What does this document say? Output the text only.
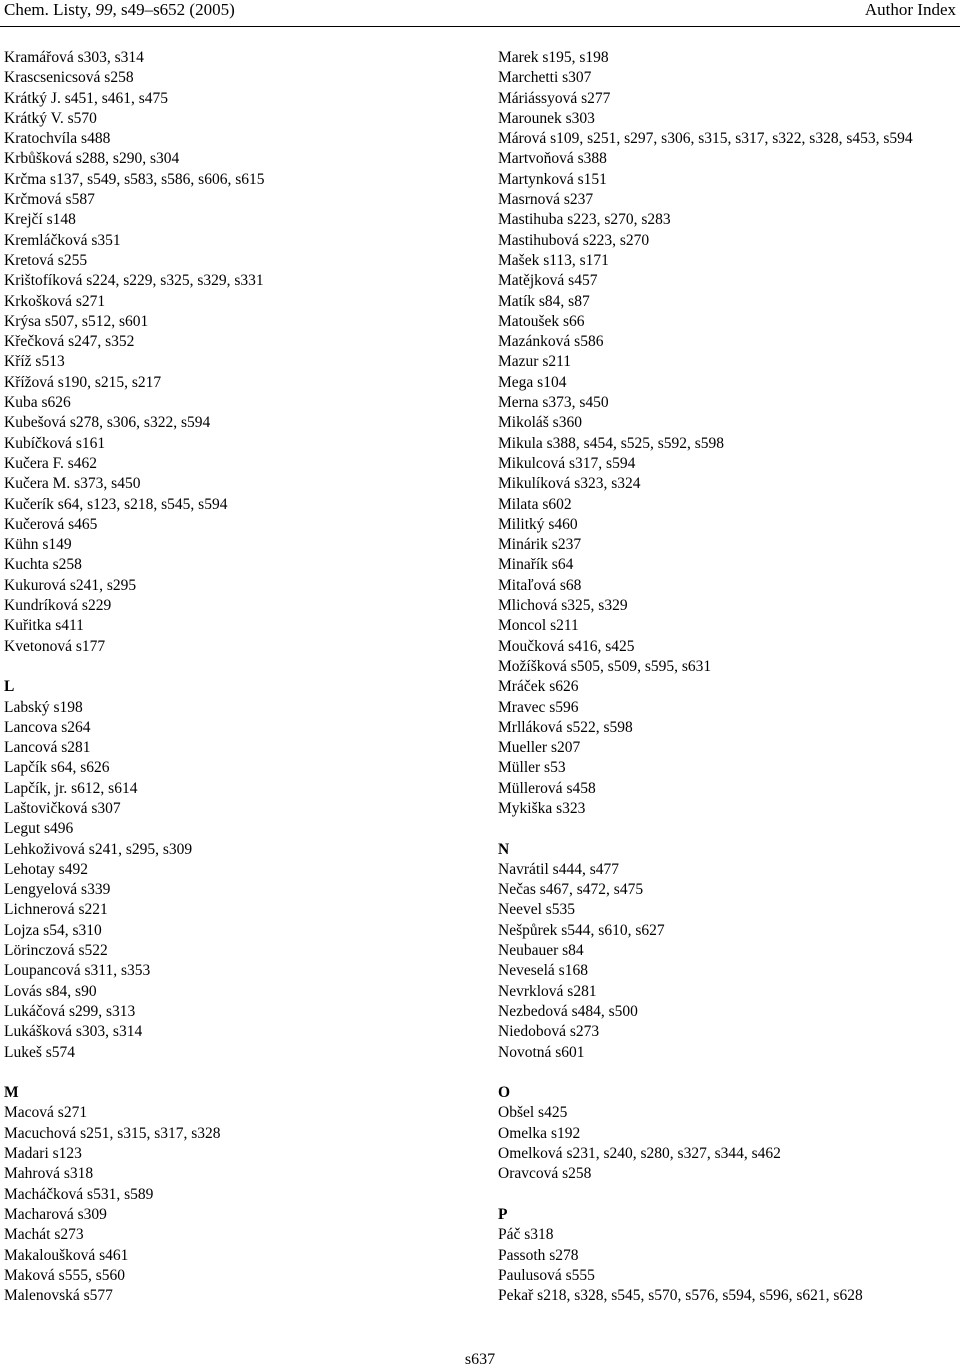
Chem. Listy, 99, s49–s652 (2005)	Author Index
Kramářová s303, s314
Krascsenicsová s258
Krátký J. s451, s461, s475
Krátký V. s570
Kratochvíla s488
Krbůšková s288, s290, s304
Krčma s137, s549, s583, s586, s606, s615
Krčmová s587
Krejčí s148
Kremláčková s351
Kretová s255
Krištofíková s224, s229, s325, s329, s331
Krkošková s271
Krýsa s507, s512, s601
Křečková s247, s352
Kříž s513
Křížová s190, s215, s217
Kuba s626
Kubešová s278, s306, s322, s594
Kubíčková s161
Kučera F. s462
Kučera M. s373, s450
Kučerík s64, s123, s218, s545, s594
Kučerová s465
Kühn s149
Kuchta s258
Kukurová s241, s295
Kundríková s229
Kuřitka s411
Kvetonová s177
L
Labský s198
Lancova s264
Lancová s281
Lapčík s64, s626
Lapčík, jr. s612, s614
Laštovičková s307
Legut s496
Lehkoživová s241, s295, s309
Lehotay s492
Lengyelová s339
Lichnerová s221
Lojza s54, s310
Lörinczová s522
Loupancová s311, s353
Lovás s84, s90
Lukáčová s299, s313
Lukášková s303, s314
Lukeš s574
M
Macová s271
Macuchová s251, s315, s317, s328
Madari s123
Mahrová s318
Macháčková s531, s589
Macharová s309
Machát s273
Makaloušková s461
Maková s555, s560
Malenovská s577
Marek s195, s198
Marchetti s307
Máriássyová s277
Marounek s303
Márová s109, s251, s297, s306, s315, s317, s322, s328, s453, s594
Martvoňová s388
Martynková s151
Masrnová s237
Mastihuba s223, s270, s283
Mastihubová s223, s270
Mašek s113, s171
Matějková s457
Matík s84, s87
Matoušek s66
Mazánková s586
Mazur s211
Mega s104
Merna s373, s450
Mikoláš s360
Mikula s388, s454, s525, s592, s598
Mikulcová s317, s594
Mikulíková s323, s324
Milata s602
Militký s460
Minárik s237
Minařík s64
Mitaľová s68
Mlichová s325, s329
Moncol s211
Moučková s416, s425
Možíšková s505, s509, s595, s631
Mráček s626
Mravec s596
Mrlláková s522, s598
Mueller s207
Müller s53
Müllerová s458
Mykiška s323
N
Navrátil s444, s477
Nečas s467, s472, s475
Neevel s535
Nešpůrek s544, s610, s627
Neubauer s84
Neveselá s168
Nevrklová s281
Nezbedová s484, s500
Niedobová s273
Novotná s601
O
Obšel s425
Omelka s192
Omelková s231, s240, s280, s327, s344, s462
Oravcová s258
P
Páč s318
Passoth s278
Paulusová s555
Pekař s218, s328, s545, s570, s576, s594, s596, s621, s628
s637
